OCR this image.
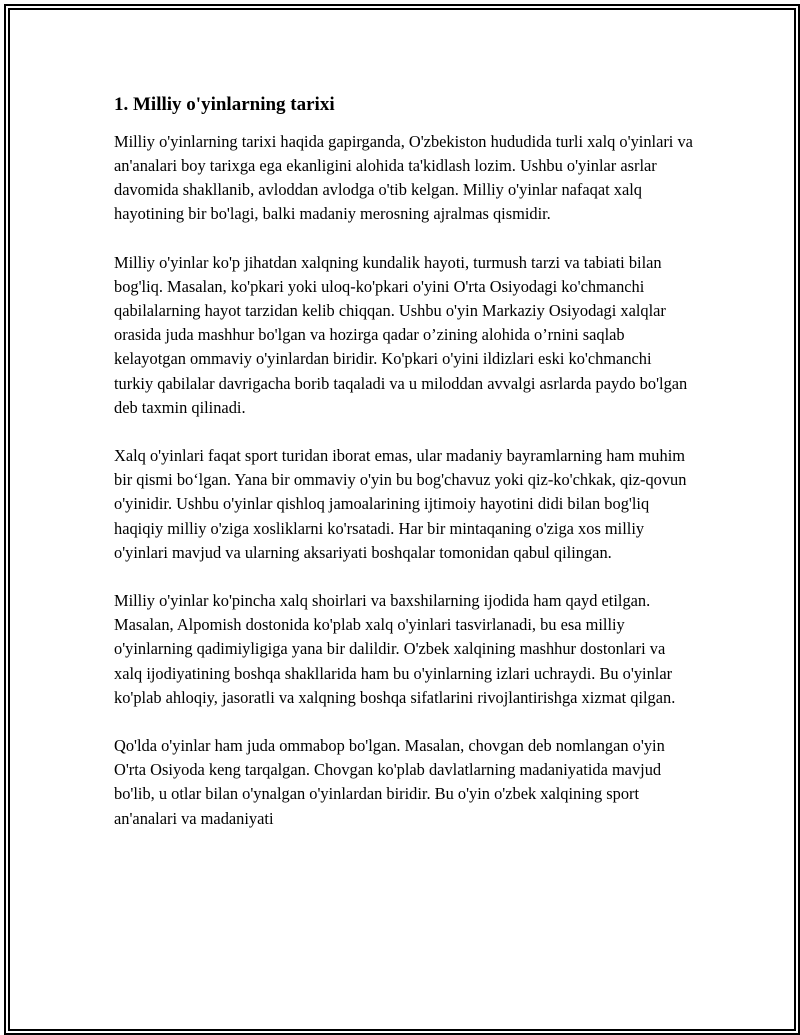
1. Milliy o'yinlarning tarixi

Milliy o'yinlarning tarixi haqida gapirganda, O'zbekiston hududida turli xalq o'yinlari va an'analari boy tarixga ega ekanligini alohida ta'kidlash lozim. Ushbu o'yinlar asrlar davomida shakllanib, avloddan avlodga o'tib kelgan. Milliy o'yinlar nafaqat xalq hayotining bir bo'lagi, balki madaniy merosning ajralmas qismidir.

Milliy o'yinlar ko'p jihatdan xalqning kundalik hayoti, turmush tarzi va tabiati bilan bog'liq. Masalan, ko'pkari yoki uloq-ko'pkari o'yini O'rta Osiyodagi ko'chmanchi qabilalarning hayot tarzidan kelib chiqqan. Ushbu o'yin Markaziy Osiyodagi xalqlar orasida juda mashhur bo'lgan va hozirga qadar o’zining alohida o’rnini saqlab kelayotgan ommaviy o'yinlardan biridir. Ko'pkari o'yini ildizlari eski ko'chmanchi turkiy qabilalar davrigacha borib taqaladi va u miloddan avvalgi asrlarda paydo bo'lgan deb taxmin qilinadi.

Xalq o'yinlari faqat sport turidan iborat emas, ular madaniy bayramlarning ham muhim bir qismi bo‘lgan. Yana bir ommaviy o'yin bu bog'chavuz yoki qiz-ko'chkak, qiz-qovun o'yinidir. Ushbu o'yinlar qishloq jamoalarining ijtimoiy hayotini didi bilan bog'liq haqiqiy milliy o'ziga xosliklarni ko'rsatadi. Har bir mintaqaning o'ziga xos milliy o'yinlari mavjud va ularning aksariyati boshqalar tomonidan qabul qilingan.

Milliy o'yinlar ko'pincha xalq shoirlari va baxshilarning ijodida ham qayd etilgan. Masalan, Alpomish dostonida ko'plab xalq o'yinlari tasvirlanadi, bu esa milliy o'yinlarning qadimiyligiga yana bir dalildir. O'zbek xalqining mashhur dostonlari va xalq ijodiyatining boshqa shakllarida ham bu o'yinlarning izlari uchraydi. Bu o'yinlar ko'plab ahloqiy, jasoratli va xalqning boshqa sifatlarini rivojlantirishga xizmat qilgan.

Qo'lda o'yinlar ham juda ommabop bo'lgan. Masalan, chovgan deb nomlangan o'yin O'rta Osiyoda keng tarqalgan. Chovgan ko'plab davlatlarning madaniyatida mavjud bo'lib, u otlar bilan o'ynalgan o'yinlardan biridir. Bu o'yin o'zbek xalqining sport an'analari va madaniyati
